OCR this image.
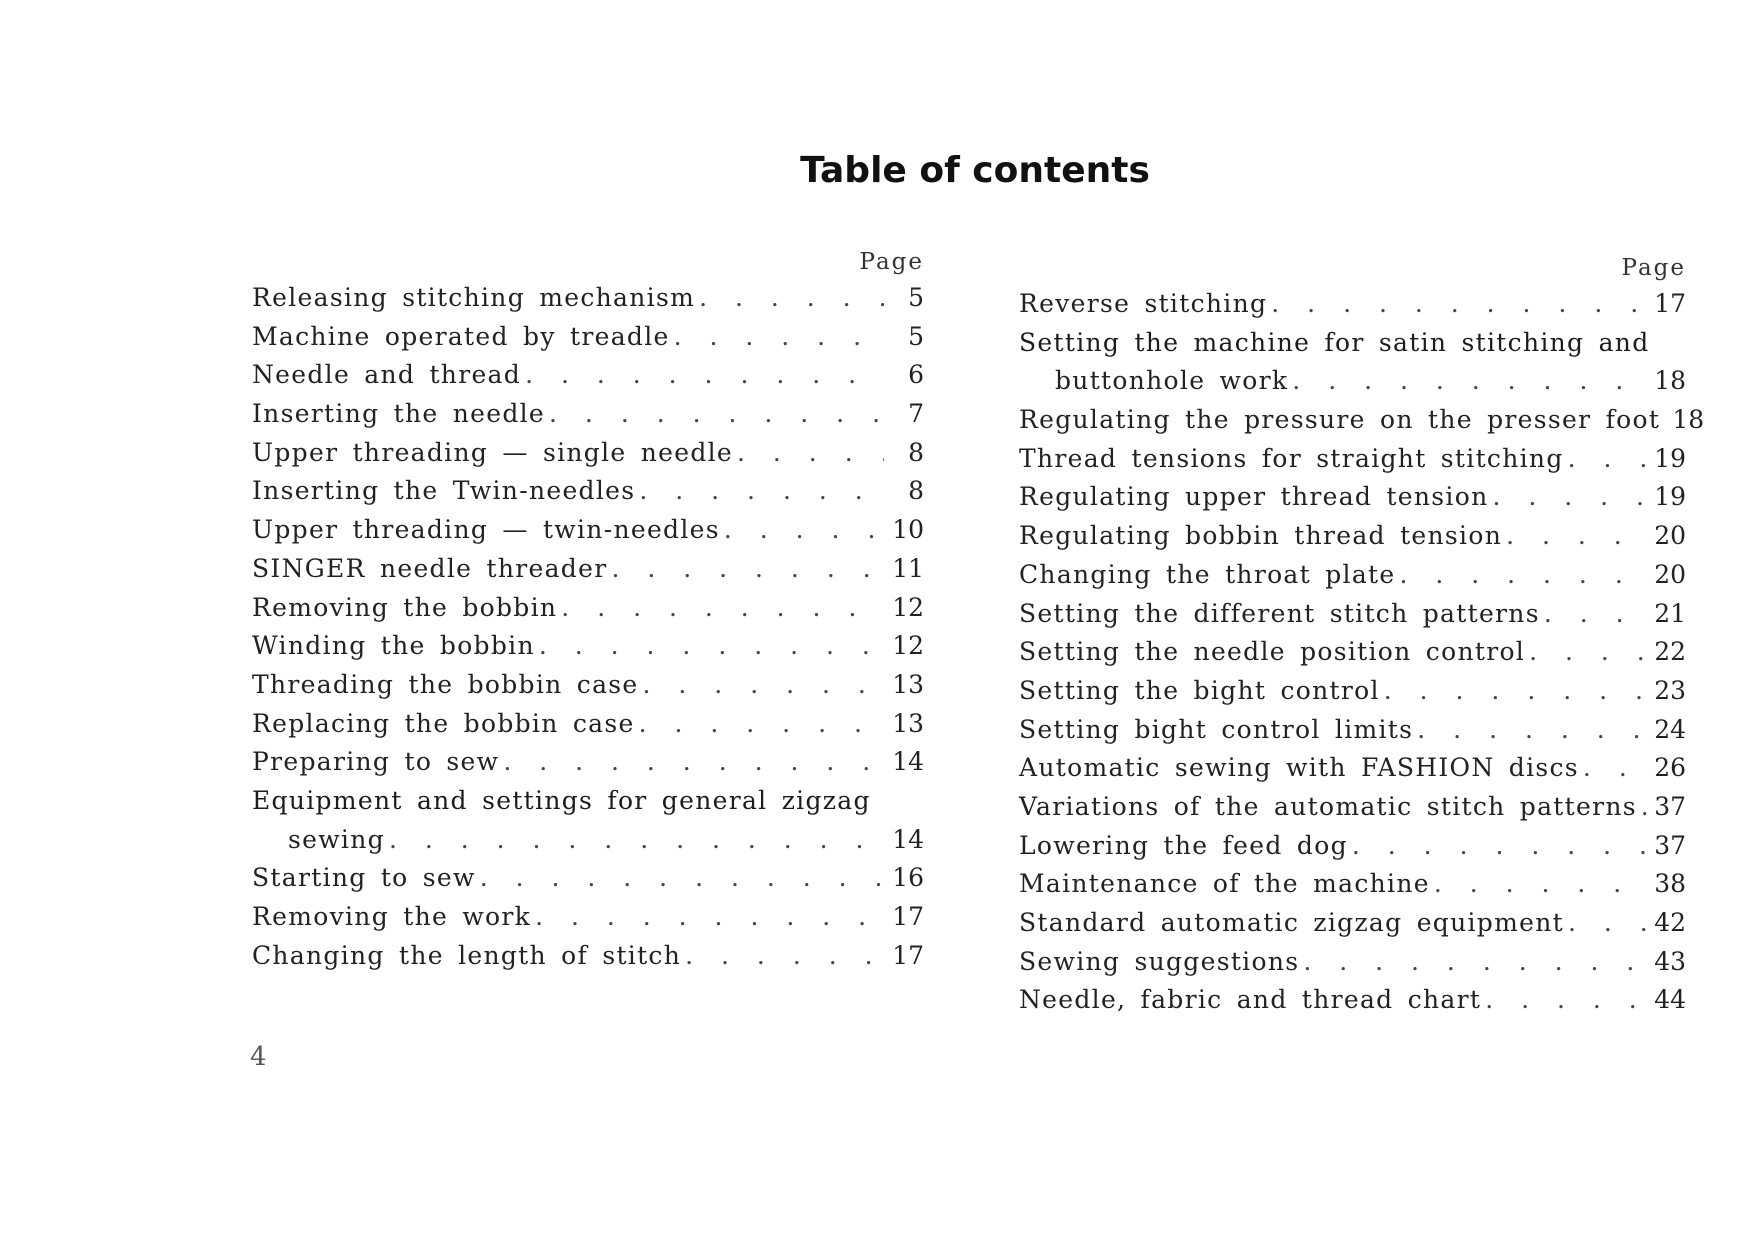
Table of contents
Page
Releasing stitching mechanism . . .	5
Machine operated by treadle . . .	5
Needle and thread . . .	6
Inserting the needle . . .	7
Upper threading — single needle . . .	8
Inserting the Twin-needles . . .	8
Upper threading — twin-needles . . .	10
SINGER needle threader . . .	11
Removing the bobbin . . .	12
Winding the bobbin . . .	12
Threading the bobbin case . . .	13
Replacing the bobbin case . . .	13
Preparing to sew . . .	14
Equipment and settings for general zigzag
sewing . . .	14
Starting to sew . . .	16
Removing the work . . .	17
Changing the length of stitch . . .	17
Page
Reverse stitching . . .	17
Setting the machine for satin stitching and
buttonhole work . . .	18
Regulating the pressure on the presser foot . . . 18
Thread tensions for straight stitching . . .	19
Regulating upper thread tension . . .	19
Regulating bobbin thread tension . . .	20
Changing the throat plate . . .	20
Setting the different stitch patterns . . .	21
Setting the needle position control . . .	22
Setting the bight control . . .	23
Setting bight control limits . . .	24
Automatic sewing with FASHION discs . . .	26
Variations of the automatic stitch patterns . . . 37
Lowering the feed dog . . .	37
Maintenance of the machine . . .	38
Standard automatic zigzag equipment . . .	42
Sewing suggestions . . .	43
Needle, fabric and thread chart . . .	44
4
